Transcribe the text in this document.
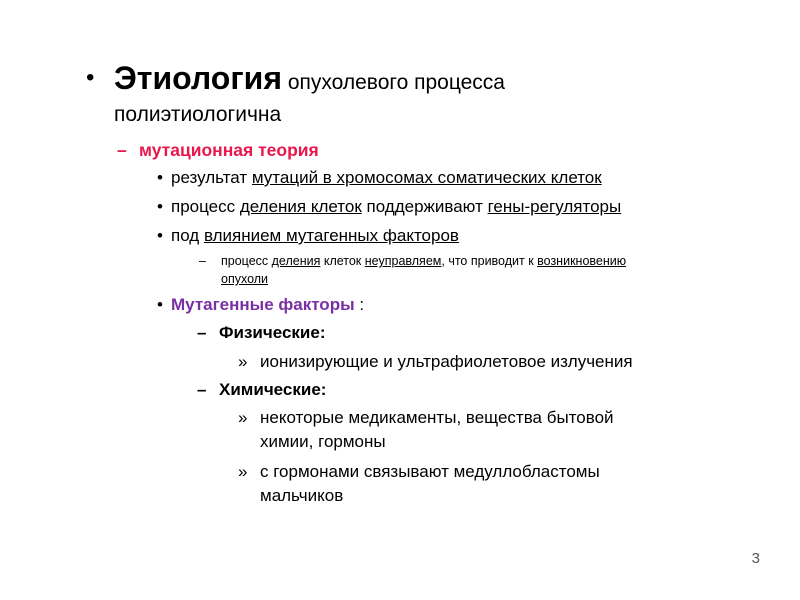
• Этиология опухолевого процесса
полиэтиологична
– мутационная теория
• результат мутаций в хромосомах соматических клеток
• процесс деления клеток поддерживают гены-регуляторы
• под влиянием мутагенных факторов
– процесс деления клеток неуправляем, что приводит к возникновению
опухоли
• Мутагенные факторы :
– Физические:
» ионизирующие и ультрафиолетовое излучения
– Химические:
» некоторые медикаменты, вещества бытовой
химии, гормоны
» с гормонами связывают медуллобластомы
мальчиков
3
